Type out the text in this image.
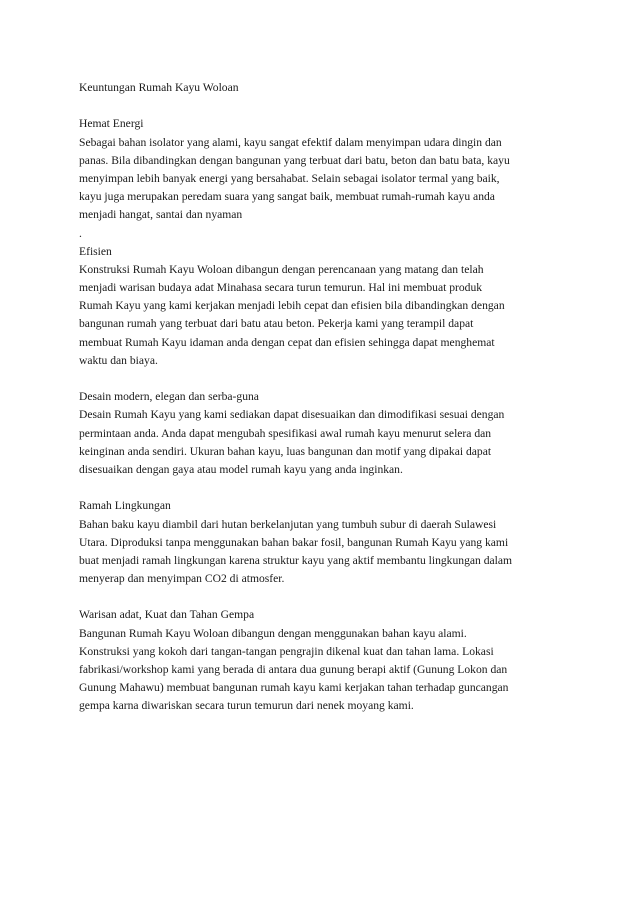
Keuntungan Rumah Kayu Woloan
Hemat Energi
Sebagai bahan isolator yang alami, kayu sangat efektif dalam menyimpan udara dingin dan
panas. Bila dibandingkan dengan bangunan yang terbuat dari batu, beton dan batu bata, kayu
menyimpan lebih banyak energi yang bersahabat. Selain sebagai isolator termal yang baik,
kayu juga merupakan peredam suara yang sangat baik, membuat rumah-rumah kayu anda
menjadi hangat, santai dan nyaman
.
Efisien
Konstruksi Rumah Kayu Woloan dibangun dengan perencanaan yang matang dan telah
menjadi warisan budaya adat Minahasa secara turun temurun. Hal ini membuat produk
Rumah Kayu yang kami kerjakan menjadi lebih cepat dan efisien bila dibandingkan dengan
bangunan rumah yang terbuat dari batu atau beton. Pekerja kami yang terampil dapat
membuat Rumah Kayu idaman anda dengan cepat dan efisien sehingga dapat menghemat
waktu dan biaya.
Desain modern, elegan dan serba-guna
Desain Rumah Kayu yang kami sediakan dapat disesuaikan dan dimodifikasi sesuai dengan
permintaan anda. Anda dapat mengubah spesifikasi awal rumah kayu menurut selera dan
keinginan anda sendiri. Ukuran bahan kayu, luas bangunan dan motif yang dipakai dapat
disesuaikan dengan gaya atau model rumah kayu yang anda inginkan.
Ramah Lingkungan
Bahan baku kayu diambil dari hutan berkelanjutan yang tumbuh subur di daerah Sulawesi
Utara. Diproduksi tanpa menggunakan bahan bakar fosil, bangunan Rumah Kayu yang kami
buat menjadi ramah lingkungan karena struktur kayu yang aktif membantu lingkungan dalam
menyerap dan menyimpan CO2 di atmosfer.
Warisan adat, Kuat dan Tahan Gempa
Bangunan Rumah Kayu Woloan dibangun dengan menggunakan bahan kayu alami.
Konstruksi yang kokoh dari tangan-tangan pengrajin dikenal kuat dan tahan lama. Lokasi
fabrikasi/workshop kami yang berada di antara dua gunung berapi aktif (Gunung Lokon dan
Gunung Mahawu) membuat bangunan rumah kayu kami kerjakan tahan terhadap guncangan
gempa karna diwariskan secara turun temurun dari nenek moyang kami.
